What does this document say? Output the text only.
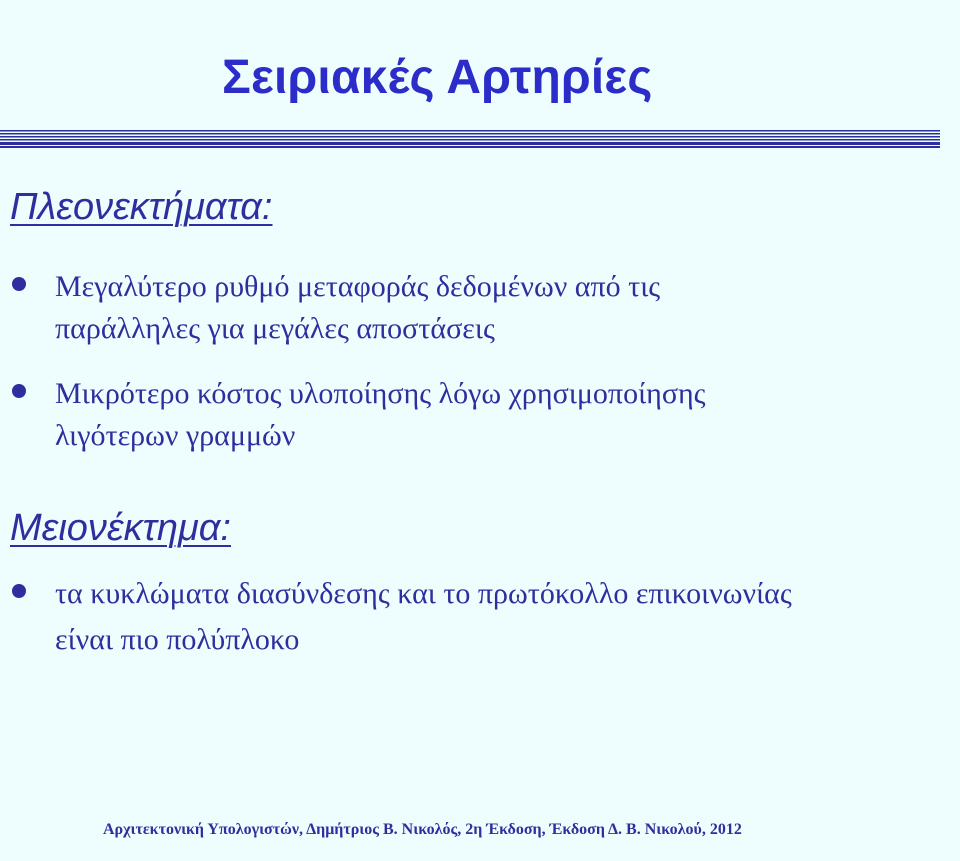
Σειριακές Αρτηρίες
Πλεονεκτήματα:
Μεγαλύτερο ρυθμό μεταφοράς δεδομένων από τις
παράλληλες για μεγάλες αποστάσεις
Μικρότερο κόστος υλοποίησης λόγω χρησιμοποίησης
λιγότερων γραμμών
Μειονέκτημα:
τα κυκλώματα διασύνδεσης και το πρωτόκολλο επικοινωνίας
είναι πιο πολύπλοκο
Αρχιτεκτονική Υπολογιστών, Δημήτριος Β. Νικολός, 2η Έκδοση, Έκδοση Δ. Β. Νικολού, 2012
